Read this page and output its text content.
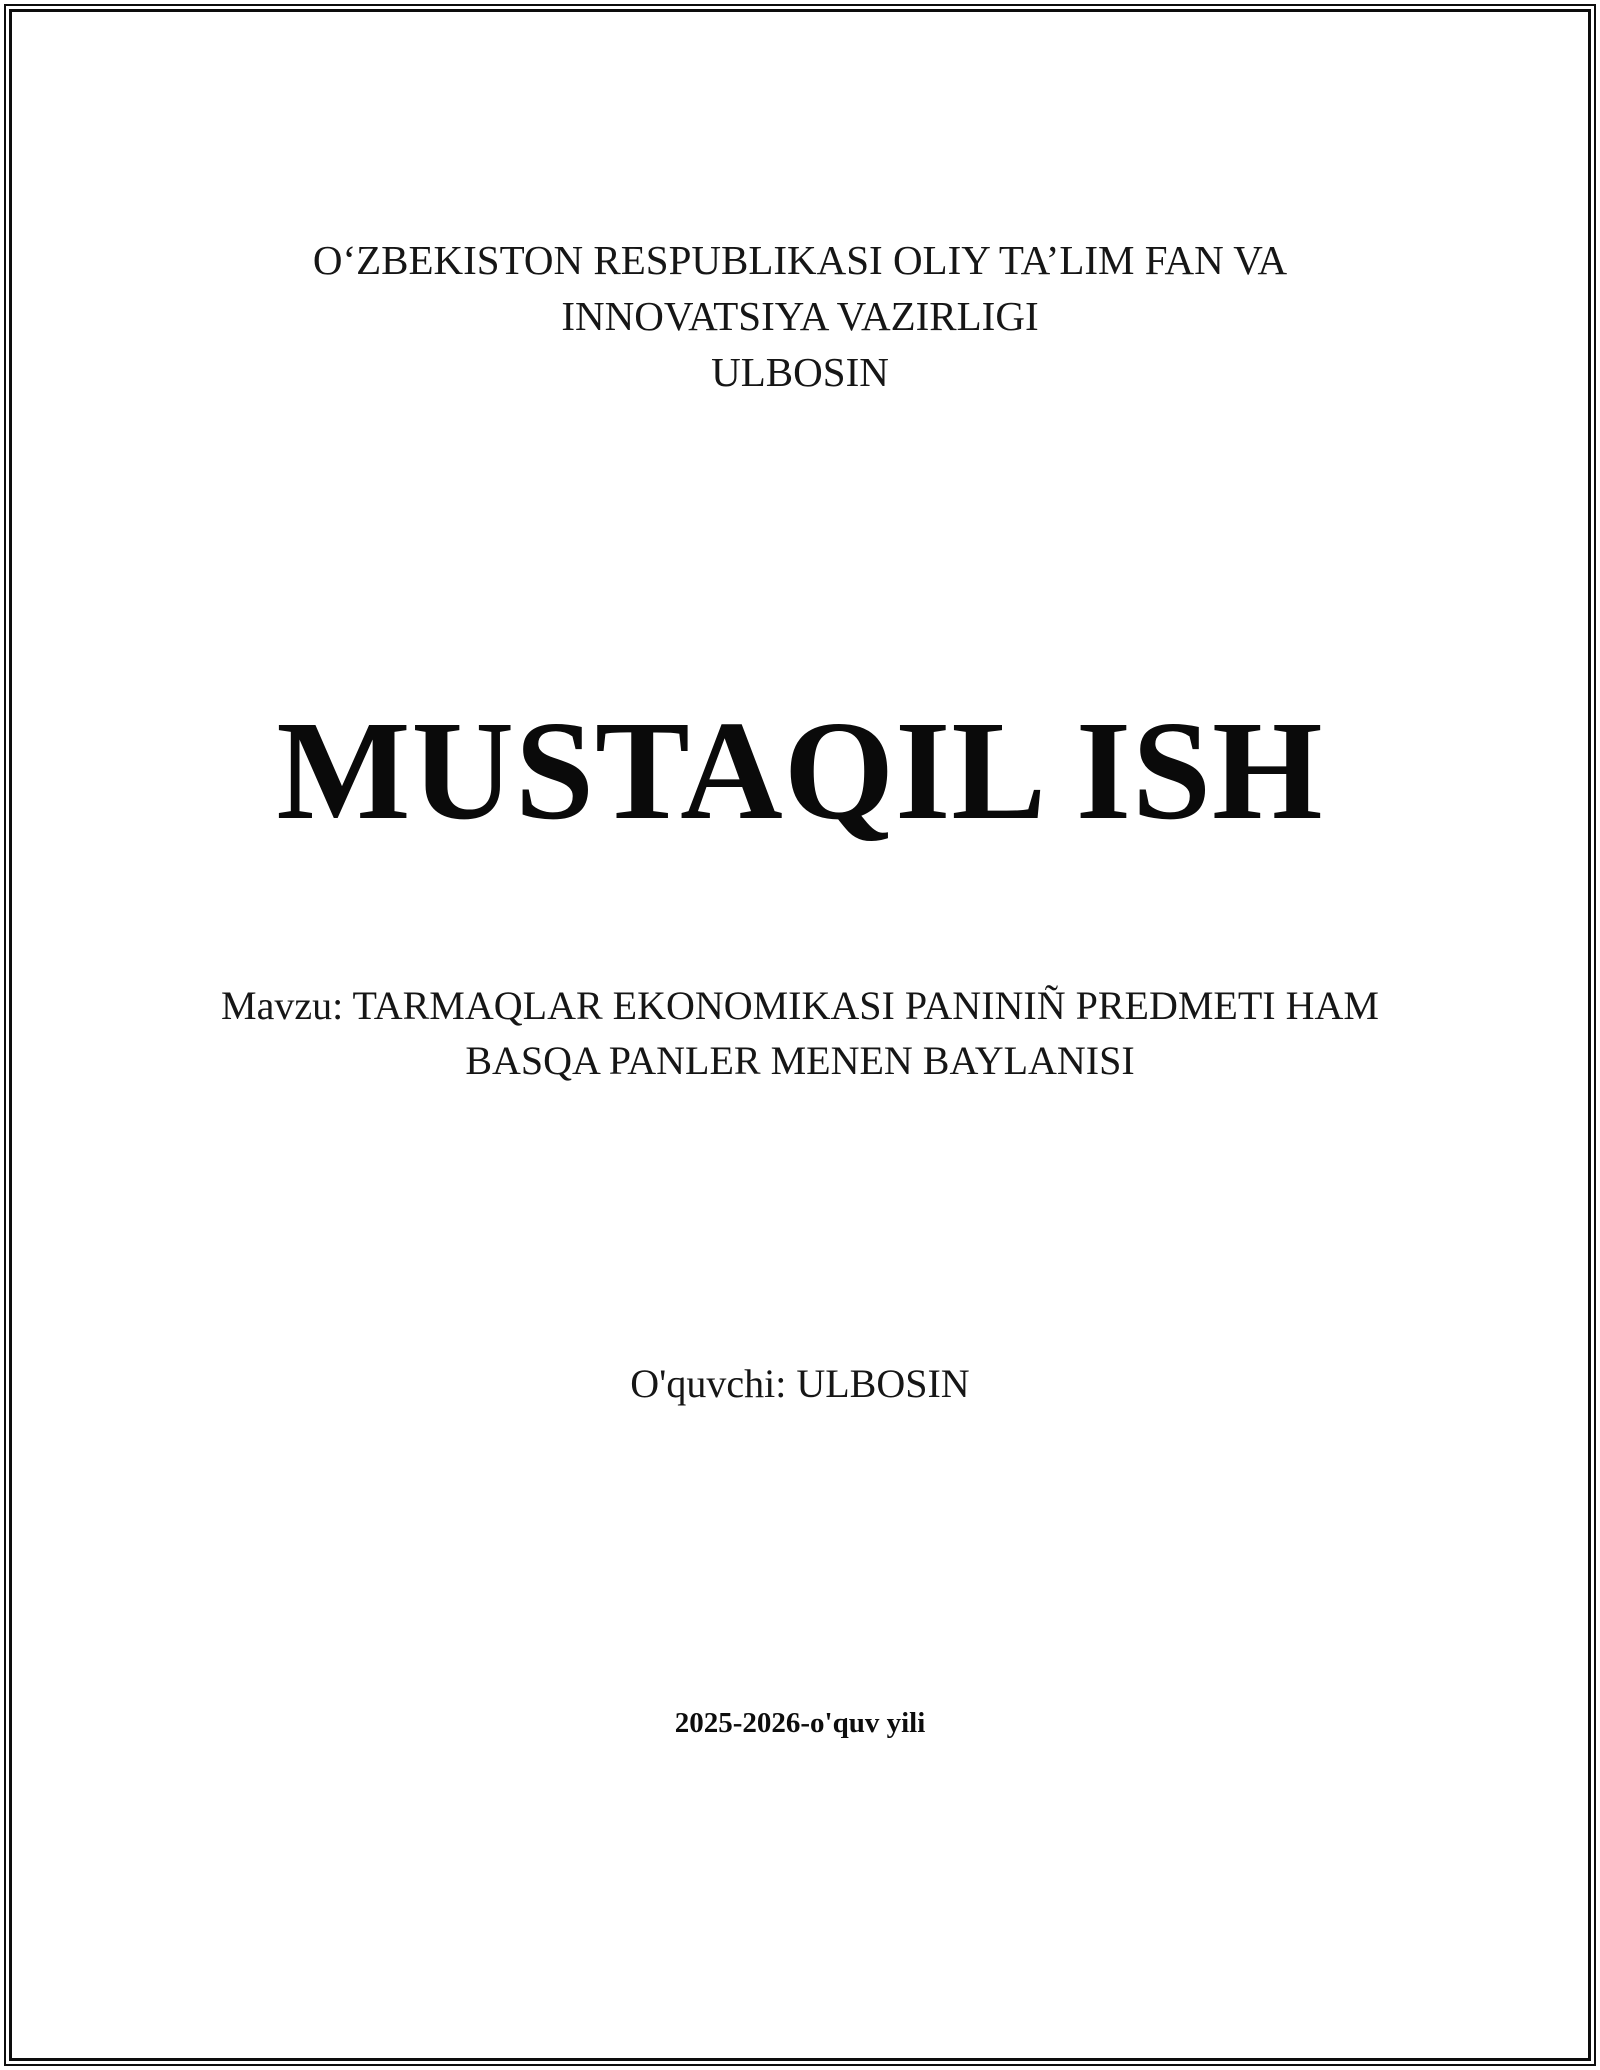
O‘ZBEKISTON RESPUBLIKASI OLIY TA’LIM FAN VA
INNOVATSIYA VAZIRLIGI
ULBOSIN
MUSTAQIL ISH
Mavzu: TARMAQLAR EKONOMIKASI PANINIÑ PREDMETI HAM
BASQA PANLER MENEN BAYLANISI
O'quvchi: ULBOSIN
2025-2026-o'quv yili
